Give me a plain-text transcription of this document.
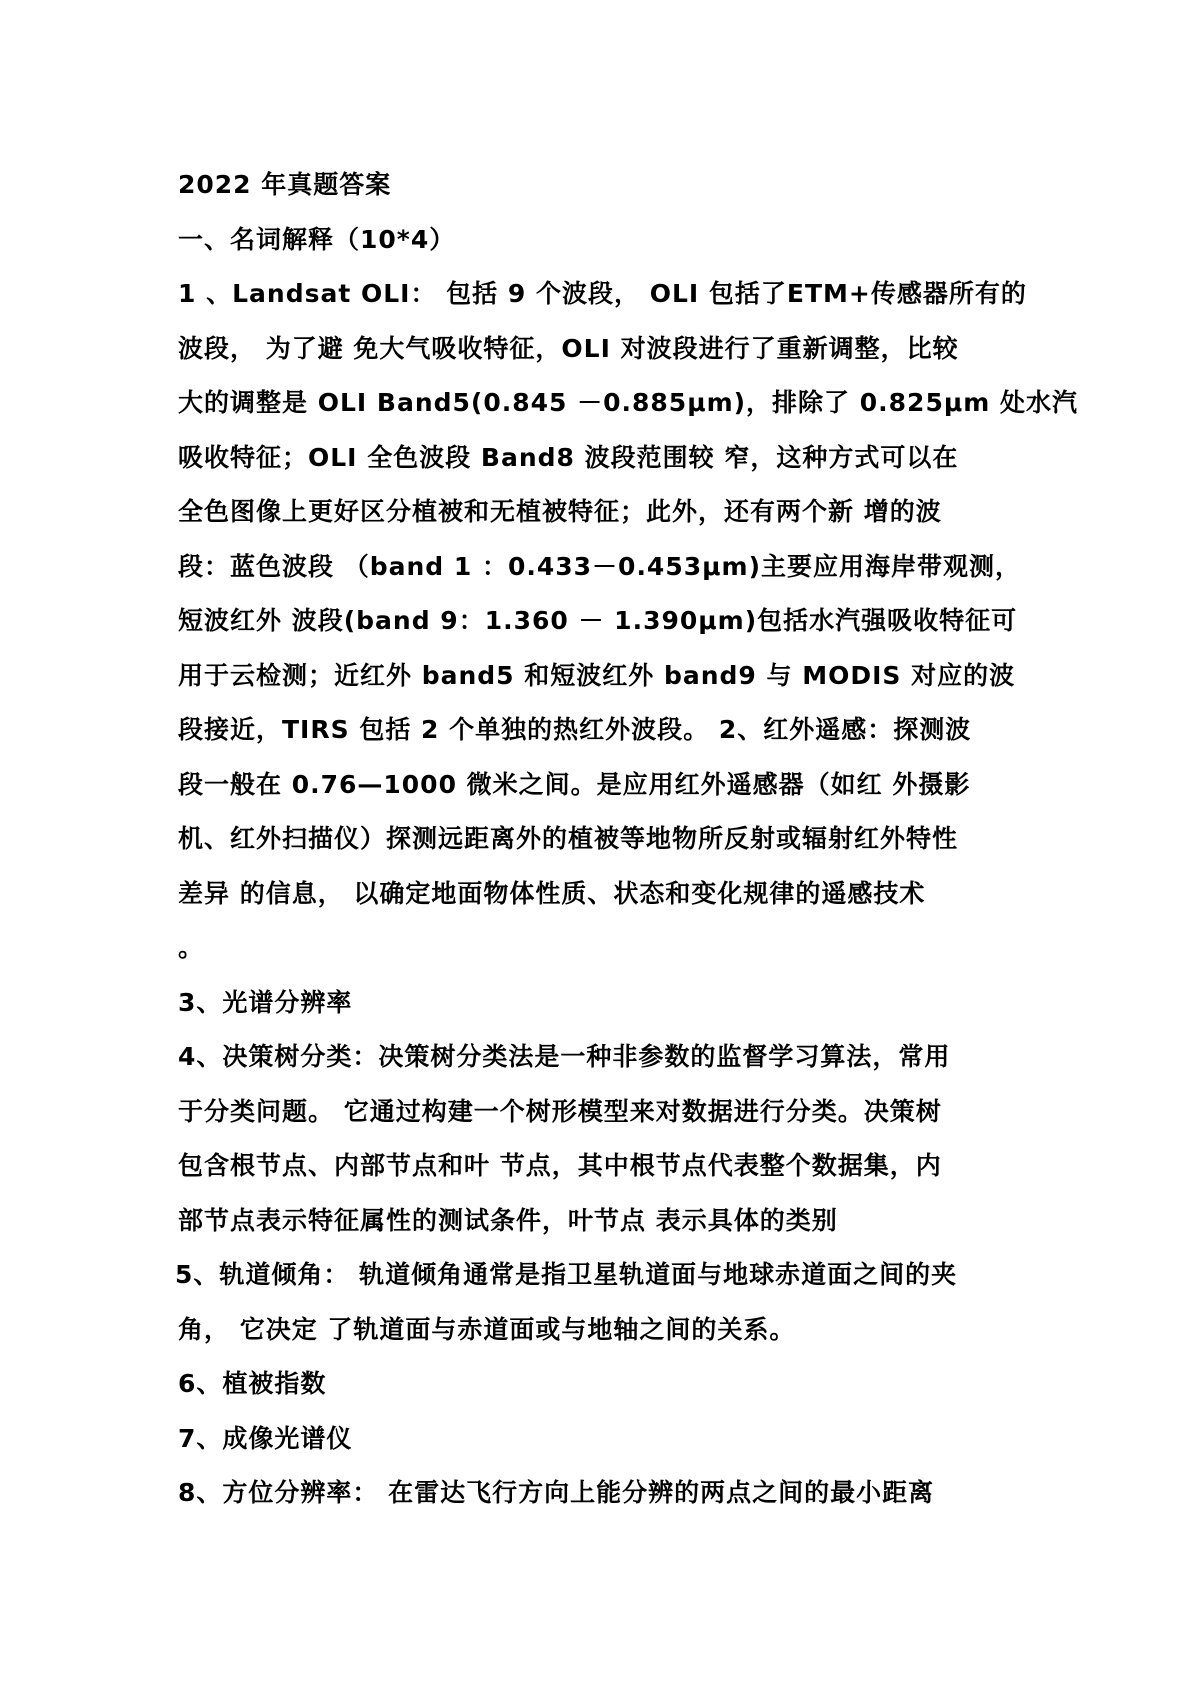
2022 年真题答案
一、名词解释（10*4）
1 、Landsat OLI： 包括 9 个波段， OLI 包括了ETM+传感器所有的
波段， 为了避 免大气吸收特征，OLI 对波段进行了重新调整，比较
大的调整是 OLI Band5(0.845 －0.885μm)，排除了 0.825μm 处水汽
吸收特征；OLI 全色波段 Band8 波段范围较 窄，这种方式可以在
全色图像上更好区分植被和无植被特征；此外，还有两个新 增的波
段：蓝色波段 （band 1 ：0.433－0.453μm)主要应用海岸带观测，
短波红外 波段(band 9：1.360 － 1.390μm)包括水汽强吸收特征可
用于云检测；近红外 band5 和短波红外 band9 与 MODIS 对应的波
段接近，TIRS 包括 2 个单独的热红外波段。 2、红外遥感：探测波
段一般在 0.76—1000 微米之间。是应用红外遥感器（如红 外摄影
机、红外扫描仪）探测远距离外的植被等地物所反射或辐射红外特性
差异 的信息， 以确定地面物体性质、状态和变化规律的遥感技术
。
3、光谱分辨率
4、决策树分类：决策树分类法是一种非参数的监督学习算法，常用
于分类问题。 它通过构建一个树形模型来对数据进行分类。决策树
包含根节点、内部节点和叶 节点，其中根节点代表整个数据集，内
部节点表示特征属性的测试条件，叶节点 表示具体的类别
5、轨道倾角： 轨道倾角通常是指卫星轨道面与地球赤道面之间的夹
角， 它决定 了轨道面与赤道面或与地轴之间的关系。
6、植被指数
7、成像光谱仪
8、方位分辨率： 在雷达飞行方向上能分辨的两点之间的最小距离
